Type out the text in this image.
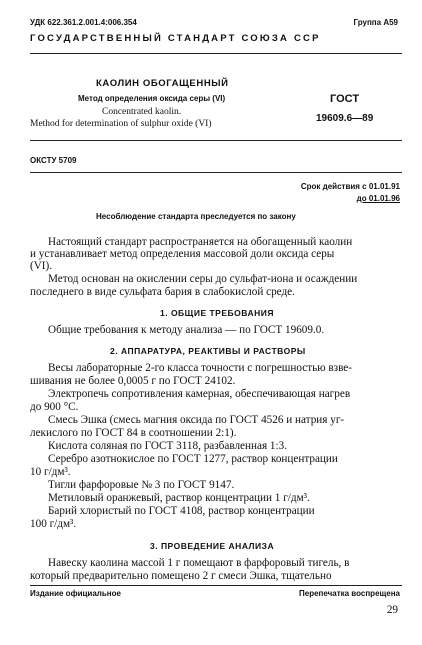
УДК 622.361.2.001.4:006.354	Группа А59
ГОСУДАРСТВЕННЫЙ СТАНДАРТ СОЮЗА ССР
КАОЛИН ОБОГАЩЕННЫЙ
Метод определения оксида серы (VI)
Concentrated kaolin.
Method for determination of sulphur oxide (VI)
ГОСТ
19609.6—89
ОКСТУ 5709
Срок действия с 01.01.91
до 01.01.96
Несоблюдение стандарта преследуется по закону
Настоящий стандарт распространяется на обогащенный каолин
и устанавливает метод определения массовой доли оксида серы
(VI).
Метод основан на окислении серы до сульфат-иона и осаждении
последнего в виде сульфата бария в слабокислой среде.
1. ОБЩИЕ ТРЕБОВАНИЯ
Общие требования к методу анализа — по ГОСТ 19609.0.
2. АППАРАТУРА, РЕАКТИВЫ И РАСТВОРЫ
Весы лабораторные 2-го класса точности с погрешностью взве-
шивания не более 0,0005 г по ГОСТ 24102.
Электропечь сопротивления камерная, обеспечивающая нагрев
до 900 °С.
Смесь Эшка (смесь магния оксида по ГОСТ 4526 и натрия уг-
лекислого по ГОСТ 84 в соотношении 2:1).
Кислота соляная по ГОСТ 3118, разбавленная 1:3.
Серебро азотнокислое по ГОСТ 1277, раствор концентрации
10 г/дм³.
Тигли фарфоровые № 3 по ГОСТ 9147.
Метиловый оранжевый, раствор концентрации 1 г/дм³.
Барий хлористый по ГОСТ 4108, раствор концентрации
100 г/дм³.
3. ПРОВЕДЕНИЕ АНАЛИЗА
Навеску каолина массой 1 г помещают в фарфоровый тигель, в
который предварительно помещено 2 г смеси Эшка, тщательно
Издание официальное	Перепечатка воспрещена
29
